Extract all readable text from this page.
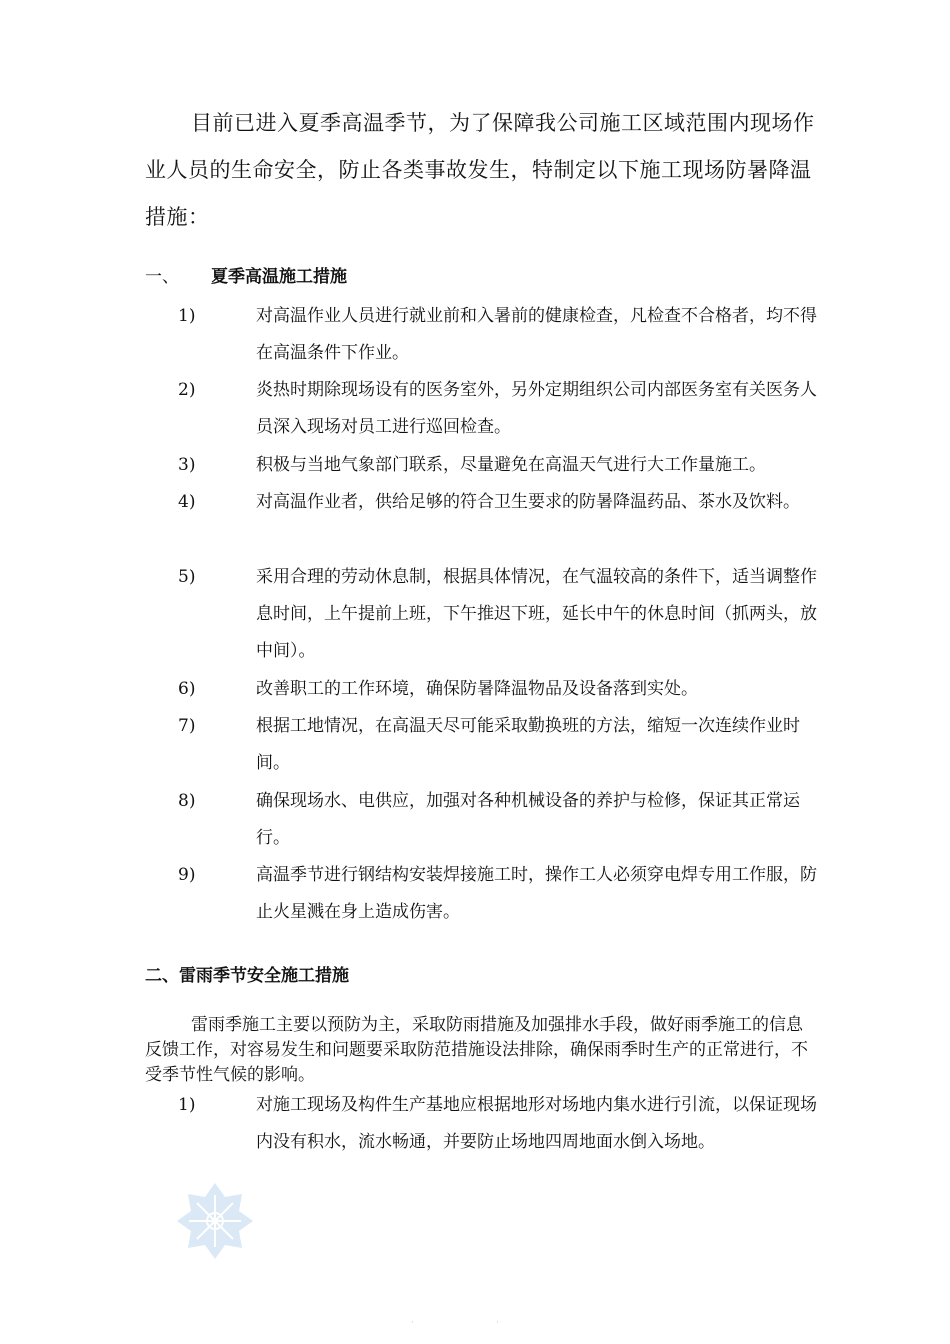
目前已进入夏季高温季节，为了保障我公司施工区域范围内现场作业人员的生命安全，防止各类事故发生，特制定以下施工现场防暑降温措施：
一、 夏季高温施工措施
1)	对高温作业人员进行就业前和入暑前的健康检查，凡检查不合格者，均不得在高温条件下作业。
2)	炎热时期除现场设有的医务室外，另外定期组织公司内部医务室有关医务人员深入现场对员工进行巡回检查。
3)	积极与当地气象部门联系，尽量避免在高温天气进行大工作量施工。
4)	对高温作业者，供给足够的符合卫生要求的防暑降温药品、茶水及饮料。
5)	采用合理的劳动休息制，根据具体情况，在气温较高的条件下，适当调整作息时间，上午提前上班，下午推迟下班，延长中午的休息时间（抓两头，放中间）。
6)	改善职工的工作环境，确保防暑降温物品及设备落到实处。
7)	根据工地情况，在高温天尽可能采取勤换班的方法，缩短一次连续作业时间。
8)	确保现场水、电供应，加强对各种机械设备的养护与检修，保证其正常运行。
9)	高温季节进行钢结构安装焊接施工时，操作工人必须穿电焊专用工作服，防止火星溅在身上造成伤害。
二、雷雨季节安全施工措施
雷雨季施工主要以预防为主，采取防雨措施及加强排水手段，做好雨季施工的信息反馈工作，对容易发生和问题要采取防范措施设法排除，确保雨季时生产的正常进行，不受季节性气候的影响。
1)	对施工现场及构件生产基地应根据地形对场地内集水进行引流，以保证现场内没有积水，流水畅通，并要防止场地四周地面水倒入场地。
· ·
